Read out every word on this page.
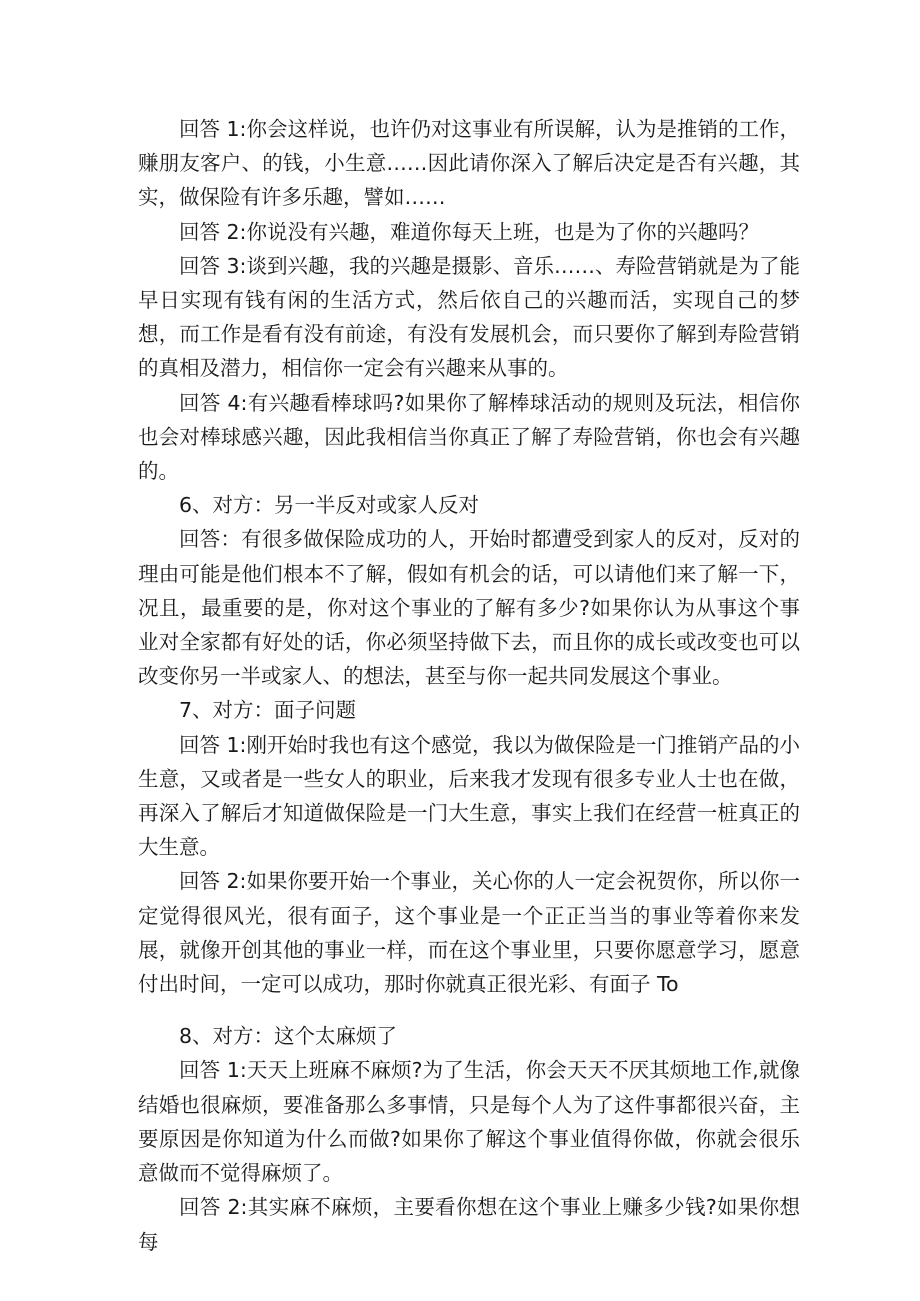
回答 1:你会这样说，也许仍对这事业有所误解，认为是推销的工作，赚朋友客户、的钱，小生意……因此请你深入了解后决定是否有兴趣，其实，做保险有许多乐趣，譬如……

回答 2:你说没有兴趣，难道你每天上班，也是为了你的兴趣吗？

回答 3:谈到兴趣，我的兴趣是摄影、音乐……、寿险营销就是为了能早日实现有钱有闲的生活方式，然后依自己的兴趣而活，实现自己的梦想，而工作是看有没有前途，有没有发展机会，而只要你了解到寿险营销的真相及潜力，相信你一定会有兴趣来从事的。

回答 4:有兴趣看棒球吗?如果你了解棒球活动的规则及玩法，相信你也会对棒球感兴趣，因此我相信当你真正了解了寿险营销，你也会有兴趣的。

6、对方：另一半反对或家人反对

回答：有很多做保险成功的人，开始时都遭受到家人的反对，反对的理由可能是他们根本不了解，假如有机会的话，可以请他们来了解一下，况且，最重要的是，你对这个事业的了解有多少?如果你认为从事这个事业对全家都有好处的话，你必须坚持做下去，而且你的成长或改变也可以改变你另一半或家人、的想法，甚至与你一起共同发展这个事业。

7、对方：面子问题

回答 1:刚开始时我也有这个感觉，我以为做保险是一门推销产品的小生意，又或者是一些女人的职业，后来我才发现有很多专业人士也在做，再深入了解后才知道做保险是一门大生意，事实上我们在经营一桩真正的大生意。

回答 2:如果你要开始一个事业，关心你的人一定会祝贺你，所以你一定觉得很风光，很有面子，这个事业是一个正正当当的事业等着你来发展，就像开创其他的事业一样，而在这个事业里，只要你愿意学习，愿意付出时间，一定可以成功，那时你就真正很光彩、有面子 To

8、对方：这个太麻烦了

回答 1:天天上班麻不麻烦?为了生活，你会天天不厌其烦地工作,就像结婚也很麻烦，要准备那么多事情，只是每个人为了这件事都很兴奋，主要原因是你知道为什么而做?如果你了解这个事业值得你做，你就会很乐意做而不觉得麻烦了。

回答 2:其实麻不麻烦，主要看你想在这个事业上赚多少钱?如果你想每
